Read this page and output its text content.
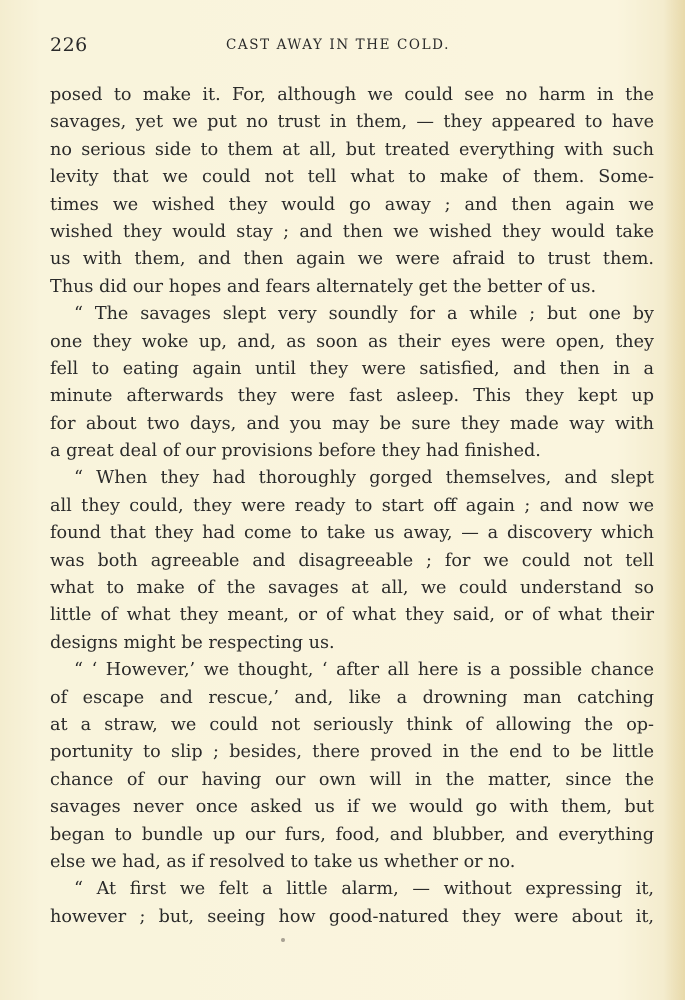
226	CAST AWAY IN THE COLD.
posed to make it. For, although we could see no harm in the
savages, yet we put no trust in them, — they appeared to have
no serious side to them at all, but treated everything with such
levity that we could not tell what to make of them. Some-
times we wished they would go away ; and then again we
wished they would stay ; and then we wished they would take
us with them, and then again we were afraid to trust them.
Thus did our hopes and fears alternately get the better of us.
“ The savages slept very soundly for a while ; but one by
one they woke up, and, as soon as their eyes were open, they
fell to eating again until they were satisfied, and then in a
minute afterwards they were fast asleep. This they kept up
for about two days, and you may be sure they made way with
a great deal of our provisions before they had finished.
“ When they had thoroughly gorged themselves, and slept
all they could, they were ready to start off again ; and now we
found that they had come to take us away, — a discovery which
was both agreeable and disagreeable ; for we could not tell
what to make of the savages at all, we could understand so
little of what they meant, or of what they said, or of what their
designs might be respecting us.
“ ‘ However,’ we thought, ‘ after all here is a possible chance
of escape and rescue,’ and, like a drowning man catching
at a straw, we could not seriously think of allowing the op-
portunity to slip ; besides, there proved in the end to be little
chance of our having our own will in the matter, since the
savages never once asked us if we would go with them, but
began to bundle up our furs, food, and blubber, and everything
else we had, as if resolved to take us whether or no.
“ At first we felt a little alarm, — without expressing it,
however ; but, seeing how good-natured they were about it,
